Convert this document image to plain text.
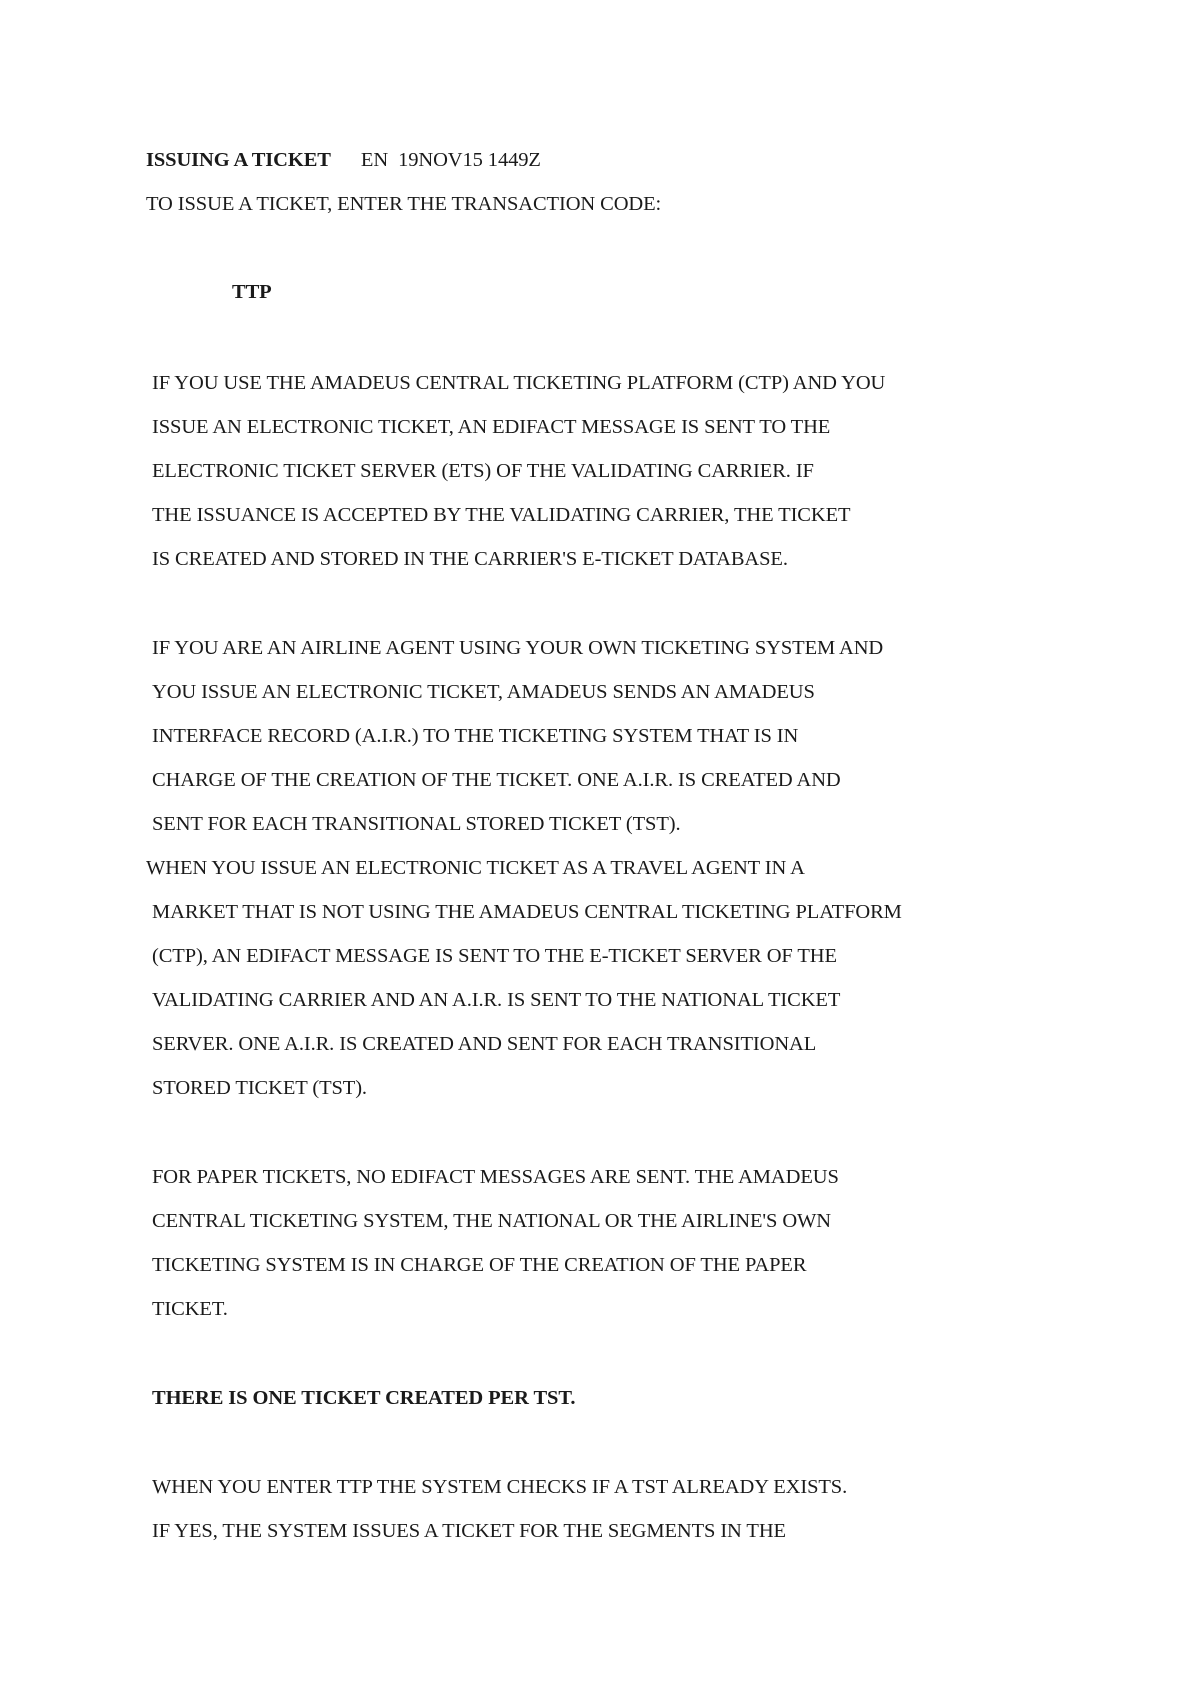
ISSUING A TICKET EN  19NOV15 1449Z
TO ISSUE A TICKET, ENTER THE TRANSACTION CODE:
TTP
IF YOU USE THE AMADEUS CENTRAL TICKETING PLATFORM (CTP) AND YOU
ISSUE AN ELECTRONIC TICKET, AN EDIFACT MESSAGE IS SENT TO THE
ELECTRONIC TICKET SERVER (ETS) OF THE VALIDATING CARRIER. IF
THE ISSUANCE IS ACCEPTED BY THE VALIDATING CARRIER, THE TICKET
IS CREATED AND STORED IN THE CARRIER'S E-TICKET DATABASE.
IF YOU ARE AN AIRLINE AGENT USING YOUR OWN TICKETING SYSTEM AND
YOU ISSUE AN ELECTRONIC TICKET, AMADEUS SENDS AN AMADEUS
INTERFACE RECORD (A.I.R.) TO THE TICKETING SYSTEM THAT IS IN
CHARGE OF THE CREATION OF THE TICKET. ONE A.I.R. IS CREATED AND
SENT FOR EACH TRANSITIONAL STORED TICKET (TST).
WHEN YOU ISSUE AN ELECTRONIC TICKET AS A TRAVEL AGENT IN A
MARKET THAT IS NOT USING THE AMADEUS CENTRAL TICKETING PLATFORM
(CTP), AN EDIFACT MESSAGE IS SENT TO THE E-TICKET SERVER OF THE
VALIDATING CARRIER AND AN A.I.R. IS SENT TO THE NATIONAL TICKET
SERVER. ONE A.I.R. IS CREATED AND SENT FOR EACH TRANSITIONAL
STORED TICKET (TST).
FOR PAPER TICKETS, NO EDIFACT MESSAGES ARE SENT. THE AMADEUS
CENTRAL TICKETING SYSTEM, THE NATIONAL OR THE AIRLINE'S OWN
TICKETING SYSTEM IS IN CHARGE OF THE CREATION OF THE PAPER
TICKET.
THERE IS ONE TICKET CREATED PER TST.
WHEN YOU ENTER TTP THE SYSTEM CHECKS IF A TST ALREADY EXISTS.
IF YES, THE SYSTEM ISSUES A TICKET FOR THE SEGMENTS IN THE
